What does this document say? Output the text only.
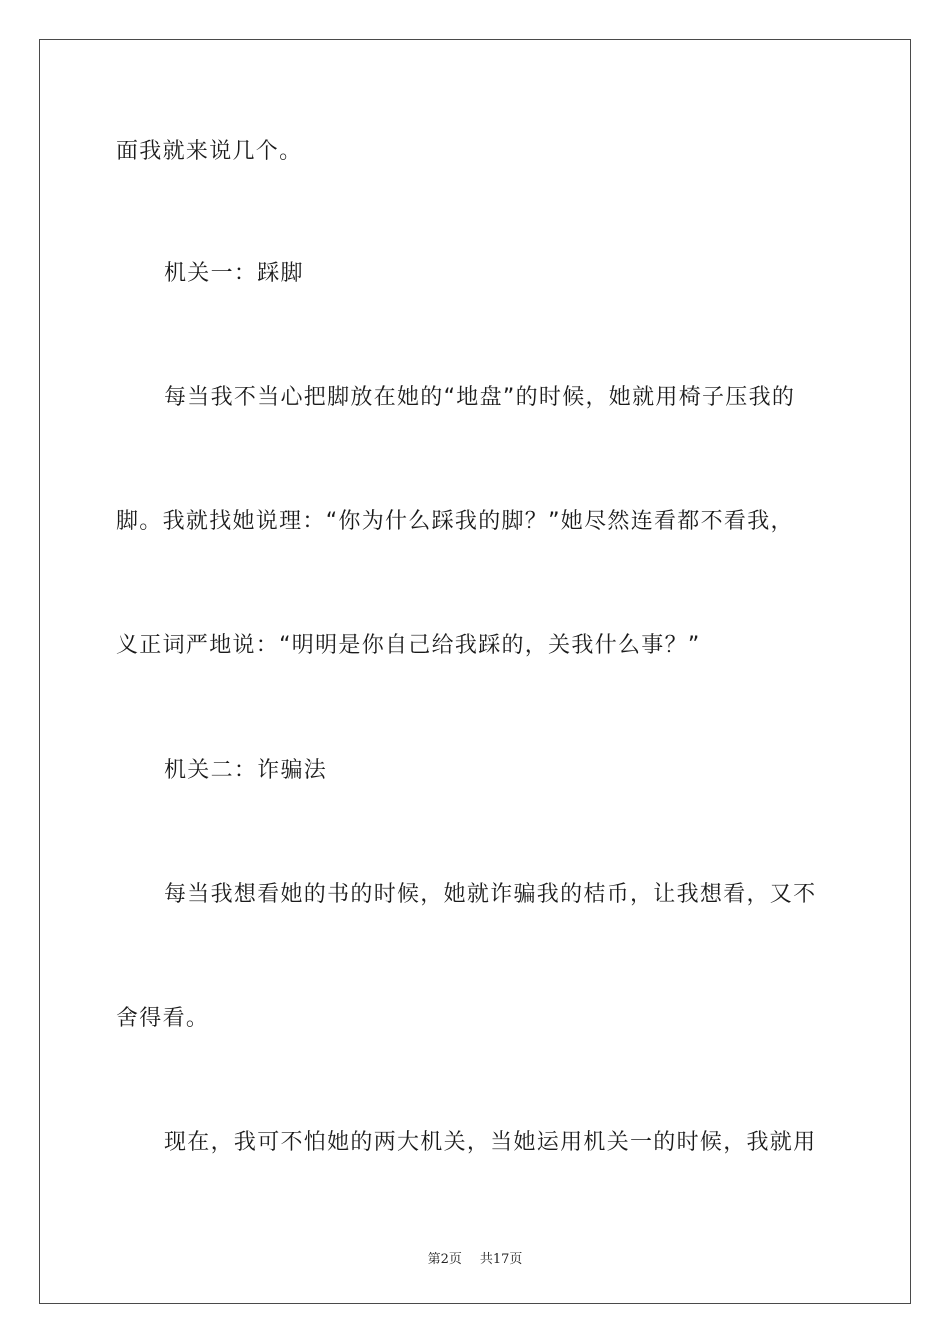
面我就来说几个。
机关一：踩脚
每当我不当心把脚放在她的“地盘”的时候，她就用椅子压我的
脚。我就找她说理：“你为什么踩我的脚？”她尽然连看都不看我，
义正词严地说：“明明是你自己给我踩的，关我什么事？”
机关二：诈骗法
每当我想看她的书的时候，她就诈骗我的桔币，让我想看，又不
舍得看。
现在，我可不怕她的两大机关，当她运用机关一的时候，我就用
第2页 共17页
